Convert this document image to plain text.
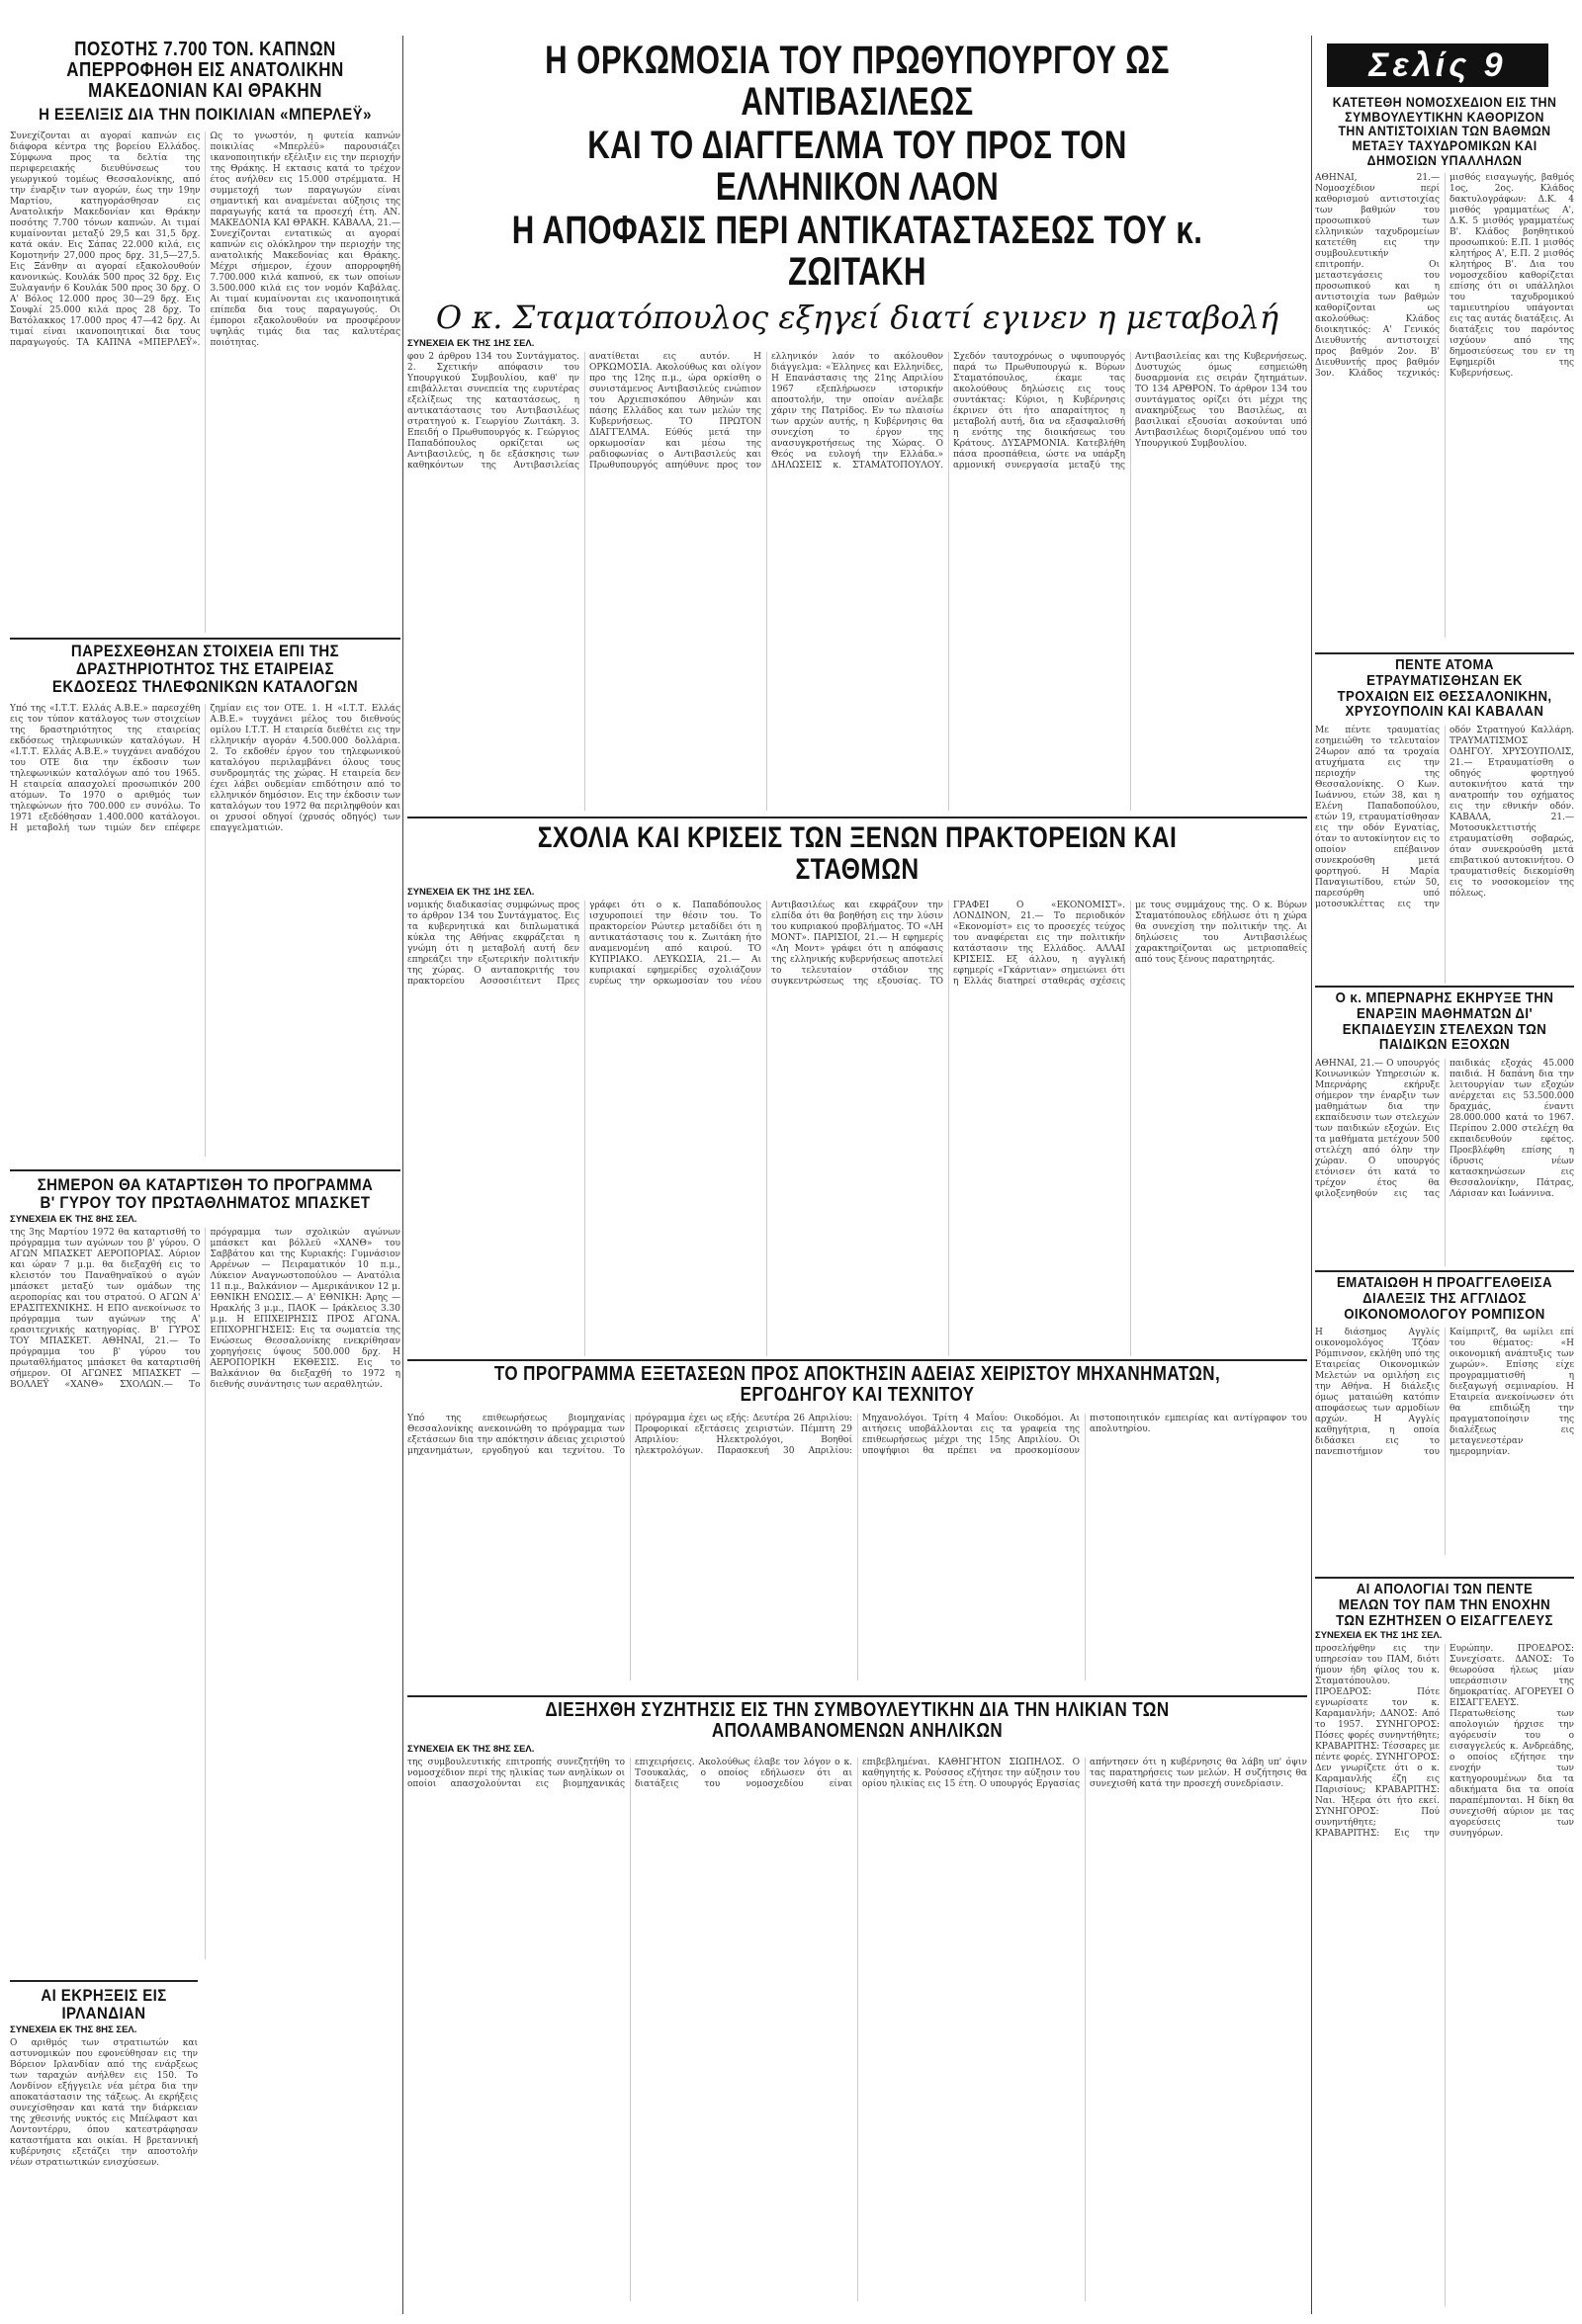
Σελίς 9
ΠΟΣΟΤΗΣ 7.700 ΤΟΝ. ΚΑΠΝΩΝ ΑΠΕΡΡΟΦΗΘΗ ΕΙΣ ΑΝΑΤΟΛΙΚΗΝ ΜΑΚΕΔΟΝΙΑΝ ΚΑΙ ΘΡΑΚΗΝ
Η ΕΞΕΛΙΞΙΣ ΔΙΑ ΤΗΝ ΠΟΙΚΙΛΙΑΝ «ΜΠΕΡΛΕΫ»
Συνεχίζονται αι αγοραί καπνών εις διάφορα κέντρα της βορείου Ελλάδος. Σύμφωνα προς τα δελτία της περιφερειακής διευθύνσεως του γεωργικού τομέως Θεσσαλονίκης, από την έναρξιν των αγορών, έως την 19ην Μαρτίου, κατηγοράσθησαν εις Ανατολικήν Μακεδονίαν και Θράκην ποσότης 7.700 τόνων καπνών. Αι τιμαί κυμαίνονται μεταξύ 29,5 και 31,5 δρχ. κατά οκάν. Εις Σάπας 22.000 κιλά, εις Κομοτηνήν 27,000 προς δρχ. 31,5—27,5. Εις Ξάνθην αι αγοραί εξακολουθούν κανονικώς. Κουλάκ 500 προς 32 δρχ. Εις Ξυλαγανήν 6 Κουλάκ 500 προς 30 δρχ. Ο Α' Βόλος 12.000 προς 30—29 δρχ. Εις Σουφλί 25.000 κιλά προς 28 δρχ. Το Βατόλακκος 17.000 προς 47—42 δρχ. Αι τιμαί είναι ικανοποιητικαί δια τους παραγωγούς. ΤΑ ΚΑΠΝΑ «ΜΠΕΡΛΕΫ». Ως το γνωστόν, η φυτεία καπνών ποικιλίας «Μπερλέϋ» παρουσιάζει ικανοποιητικήν εξέλιξιν εις την περιοχήν της Θράκης. Η εκτασις κατά το τρέχον έτος ανήλθεν εις 15.000 στρέμματα. Η συμμετοχή των παραγωγών είναι σημαντική και αναμένεται αύξησις της παραγωγής κατά τα προσεχή έτη. ΑΝ. ΜΑΚΕΔΟΝΙΑ ΚΑΙ ΘΡΑΚΗ. ΚΑΒΑΛΑ, 21.— Συνεχίζονται εντατικώς αι αγοραί καπνών εις ολόκληρον την περιοχήν της ανατολικής Μακεδονίας και Θράκης. Μέχρι σήμερον, έχουν απορροφηθή 7.700.000 κιλά καπνού, εκ των οποίων 3.500.000 κιλά εις τον νομόν Καβάλας. Αι τιμαί κυμαίνονται εις ικανοποιητικά επίπεδα δια τους παραγωγούς. Οι έμποροι εξακολουθούν να προσφέρουν υψηλάς τιμάς δια τας καλυτέρας ποιότητας.
ΠΑΡΕΣΧΕΘΗΣΑΝ ΣΤΟΙΧΕΙΑ ΕΠΙ ΤΗΣ ΔΡΑΣΤΗΡΙΟΤΗΤΟΣ ΤΗΣ ΕΤΑΙΡΕΙΑΣ ΕΚΔΟΣΕΩΣ ΤΗΛΕΦΩΝΙΚΩΝ ΚΑΤΑΛΟΓΩΝ
Υπό της «Ι.Τ.Τ. Ελλάς Α.Β.Ε.» παρεσχέθη εις τον τύπον κατάλογος των στοιχείων της δραστηριότητος της εταιρείας εκδόσεως τηλεφωνικών καταλόγων. Η «Ι.Τ.Τ. Ελλάς Α.Β.Ε.» τυγχάνει αναδόχου του ΟΤΕ δια την έκδοσιν των τηλεφωνικών καταλόγων από του 1965. Η εταιρεία απασχολεί προσωπικόν 200 ατόμων. Το 1970 ο αριθμός των τηλεφώνων ήτο 700.000 εν συνόλω. Το 1971 εξεδόθησαν 1.400.000 κατάλογοι. Η μεταβολή των τιμών δεν επέφερε ζημίαν εις τον ΟΤΕ. 1. Η «Ι.Τ.Τ. Ελλάς Α.Β.Ε.» τυγχάνει μέλος του διεθνούς ομίλου Ι.Τ.Τ. Η εταιρεία διεθέτει εις την ελληνικήν αγοράν 4.500.000 δολλάρια. 2. Το εκδοθέν έργον του τηλεφωνικού καταλόγου περιλαμβάνει όλους τους συνδρομητάς της χώρας. Η εταιρεία δεν έχει λάβει ουδεμίαν επιδότησιν από το ελληνικόν δημόσιον. Εις την έκδοσιν των καταλόγων του 1972 θα περιληφθούν και οι χρυσοί οδηγοί (χρυσός οδηγός) των επαγγελματιών.
ΣΗΜΕΡΟΝ ΘΑ ΚΑΤΑΡΤΙΣΘΗ ΤΟ ΠΡΟΓΡΑΜΜΑ Β' ΓΥΡΟΥ ΤΟΥ ΠΡΩΤΑΘΛΗΜΑΤΟΣ ΜΠΑΣΚΕΤ
ΣΥΝΕΧΕΙΑ ΕΚ ΤΗΣ 8ΗΣ ΣΕΛ.
της 3ης Μαρτίου 1972 θα καταρτισθή το πρόγραμμα των αγώνων του β' γύρου. Ο ΑΓΩΝ ΜΠΑΣΚΕΤ ΑΕΡΟΠΟΡΙΑΣ. Αύριον και ώραν 7 μ.μ. θα διεξαχθή εις το κλειστόν του Παναθηναϊκού ο αγών μπάσκετ μεταξύ των ομάδων της αεροπορίας και του στρατού. Ο ΑΓΩΝ Α' ΕΡΑΣΙΤΕΧΝΙΚΗΣ. Η ΕΠΟ ανεκοίνωσε το πρόγραμμα των αγώνων της Α' ερασιτεχνικής κατηγορίας. Β' ΓΥΡΟΣ ΤΟΥ ΜΠΑΣΚΕΤ. ΑΘΗΝΑΙ, 21.— Το πρόγραμμα του β' γύρου του πρωταθλήματος μπάσκετ θα καταρτισθή σήμερον. ΟΙ ΑΓΩΝΕΣ ΜΠΑΣΚΕΤ — ΒΟΛΛΕΫ «ΧΑΝΘ» ΣΧΟΛΩΝ.— Το πρόγραμμα των σχολικών αγώνων μπάσκετ και βόλλεϋ «ΧΑΝΘ» του Σαββάτου και της Κυριακής: Γυμνάσιον Αρρένων — Πειραματικόν 10 π.μ., Λύκειον Αναγνωστοπούλου — Ανατόλια 11 π.μ., Βαλκάνιον — Αμερικάνικον 12 μ. ΕΘΝΙΚΗ ΕΝΩΣΙΣ.— Α' ΕΘΝΙΚΗ: Άρης — Ηρακλής 3 μ.μ., ΠΑΟΚ — Ιράκλειος 3.30 μ.μ. Η ΕΠΙΧΕΙΡΗΣΙΣ ΠΡΟΣ ΑΓΩΝΑ. ΕΠΙΧΟΡΗΓΗΣΕΙΣ: Εις τα σωματεία της Ενώσεως Θεσσαλονίκης ενεκρίθησαν χορηγήσεις ύψους 500.000 δρχ. Η ΑΕΡΟΠΟΡΙΚΗ ΕΚΘΕΣΙΣ. Εις το Βαλκάνιον θα διεξαχθή το 1972 η διεθνής συνάντησις των αεραθλητών.
ΑΙ ΕΚΡΗΞΕΙΣ ΕΙΣ ΙΡΛΑΝΔΙΑΝ
ΣΥΝΕΧΕΙΑ ΕΚ ΤΗΣ 8ΗΣ ΣΕΛ.
Ο αριθμός των στρατιωτών και αστυνομικών που εφονεύθησαν εις την Βόρειον Ιρλανδίαν από της ενάρξεως των ταραχών ανήλθεν εις 150. Το Λονδίνον εξήγγειλε νέα μέτρα δια την αποκατάστασιν της τάξεως. Αι εκρήξεις συνεχίσθησαν και κατά την διάρκειαν της χθεσινής νυκτός εις Μπέλφαστ και Λοντοντέρρυ, όπου κατεστράφησαν καταστήματα και οικίαι. Η βρεταννική κυβέρνησις εξετάζει την αποστολήν νέων στρατιωτικών ενισχύσεων.
Η ΟΡΚΩΜΟΣΙΑ ΤΟΥ ΠΡΩΘΥΠΟΥΡΓΟΥ ΩΣ ΑΝΤΙΒΑΣΙΛΕΩΣ
ΚΑΙ ΤΟ ΔΙΑΓΓΕΛΜΑ ΤΟΥ ΠΡΟΣ ΤΟΝ ΕΛΛΗΝΙΚΟΝ ΛΑΟΝ
Η ΑΠΟΦΑΣΙΣ ΠΕΡΙ ΑΝΤΙΚΑΤΑΣΤΑΣΕΩΣ ΤΟΥ κ. ΖΩΙΤΑΚΗ
Ο κ. Σταματόπουλος εξηγεί διατί εγινεν η μεταβολή
ΣΥΝΕΧΕΙΑ ΕΚ ΤΗΣ 1ΗΣ ΣΕΛ.
φου 2 άρθρου 134 του Συντάγματος. 2. Σχετικήν απόφασιν του Υπουργικού Συμβουλίου, καθ' ην επιβάλλεται συνεπεία της ευρυτέρας εξελίξεως της καταστάσεως, η αντικατάστασις του Αντιβασιλέως στρατηγού κ. Γεωργίου Ζωιτάκη. 3. Επειδή ο Πρωθυπουργός κ. Γεώργιος Παπαδόπουλος ορκίζεται ως Αντιβασιλεύς, η δε εξάσκησις των καθηκόντων της Αντιβασιλείας ανατίθεται εις αυτόν. Η ΟΡΚΩΜΟΣΙΑ. Ακολούθως και ολίγον προ της 12ης π.μ., ώρα ορκίσθη ο συνιστάμενος Αντιβασιλεύς ενώπιον του Αρχιεπισκόπου Αθηνών και πάσης Ελλάδος και των μελών της Κυβερνήσεως. ΤΟ ΠΡΩΤΟΝ ΔΙΑΓΓΕΛΜΑ. Εύθύς μετά την ορκωμοσίαν και μέσω της ραδιοφωνίας ο Αντιβασιλεύς και Πρωθυπουργός απηύθυνε προς τον ελληνικόν λαόν το ακόλουθον διάγγελμα: «Έλληνες και Ελληνίδες, Η Επανάστασις της 21ης Απριλίου 1967 εξεπλήρωσεν ιστορικήν αποστολήν, την οποίαν ανέλαβε χάριν της Πατρίδος. Εν τω πλαισίω των αρχών αυτής, η Κυβέρνησις θα συνεχίση το έργον της ανασυγκροτήσεως της Χώρας. Ο Θεός να ευλογή την Ελλάδα.» ΔΗΛΩΣΕΙΣ κ. ΣΤΑΜΑΤΟΠΟΥΛΟΥ. Σχεδόν ταυτοχρόνως ο υφυπουργός παρά τω Πρωθυπουργώ κ. Βύρων Σταματόπουλος, έκαμε τας ακολούθους δηλώσεις εις τους συντάκτας: Κύριοι, η Κυβέρνησις έκρινεν ότι ήτο απαραίτητος η μεταβολή αυτή, δια να εξασφαλισθή η ενότης της διοικήσεως του Κράτους. ΔΥΣΑΡΜΟΝΙΑ. Κατεβλήθη πάσα προσπάθεια, ώστε να υπάρξη αρμονική συνεργασία μεταξύ της Αντιβασιλείας και της Κυβερνήσεως. Δυστυχώς όμως εσημειώθη δυσαρμονία εις σειράν ζητημάτων. ΤΟ 134 ΑΡΘΡΟΝ. Το άρθρον 134 του συντάγματος ορίζει ότι μέχρι της ανακηρύξεως του Βασιλέως, αι βασιλικαί εξουσίαι ασκούνται υπό Αντιβασιλέως διοριζομένου υπό του Υπουργικού Συμβουλίου.
ΣΧΟΛΙΑ ΚΑΙ ΚΡΙΣΕΙΣ ΤΩΝ ΞΕΝΩΝ ΠΡΑΚΤΟΡΕΙΩΝ ΚΑΙ ΣΤΑΘΜΩΝ
ΣΥΝΕΧΕΙΑ ΕΚ ΤΗΣ 1ΗΣ ΣΕΛ.
νομικής διαδικασίας συμφώνως προς το άρθρον 134 του Συντάγματος. Εις τα κυβερνητικά και διπλωματικά κύκλα της Αθήνας εκφράζεται η γνώμη ότι η μεταβολή αυτή δεν επηρεάζει την εξωτερικήν πολιτικήν της χώρας. Ο ανταποκριτής του πρακτορείου Ασσοσιέιτεντ Πρες γράφει ότι ο κ. Παπαδόπουλος ισχυροποιεί την θέσιν του. Το πρακτορείον Ρώυτερ μεταδίδει ότι η αντικατάστασις του κ. Ζωιτάκη ήτο αναμενομένη από καιρού. ΤΟ ΚΥΠΡΙΑΚΟ. ΛΕΥΚΩΣΙΑ, 21.— Αι κυπριακαί εφημερίδες σχολιάζουν ευρέως την ορκωμοσίαν του νέου Αντιβασιλέως και εκφράζουν την ελπίδα ότι θα βοηθήση εις την λύσιν του κυπριακού προβλήματος. ΤΟ «ΛΗ ΜΟΝΤ». ΠΑΡΙΣΙΟΙ, 21.— Η εφημερίς «Λη Μοντ» γράφει ότι η απόφασις της ελληνικής κυβερνήσεως αποτελεί το τελευταίον στάδιον της συγκεντρώσεως της εξουσίας. ΤΟ ΓΡΑΦΕΙ Ο «ΕΚΟΝΟΜΙΣΤ». ΛΟΝΔΙΝΟΝ, 21.— Το περιοδικόν «Εκονομίστ» εις το προσεχές τεύχος του αναφέρεται εις την πολιτικήν κατάστασιν της Ελλάδος. ΑΛΛΑΙ ΚΡΙΣΕΙΣ. Εξ άλλου, η αγγλική εφημερίς «Γκάρντιαν» σημειώνει ότι η Ελλάς διατηρεί σταθεράς σχέσεις με τους συμμάχους της. Ο κ. Βύρων Σταματόπουλος εδήλωσε ότι η χώρα θα συνεχίση την πολιτικήν της. Αι δηλώσεις του Αντιβασιλέως χαρακτηρίζονται ως μετριοπαθείς από τους ξένους παρατηρητάς.
ΤΟ ΠΡΟΓΡΑΜΜΑ ΕΞΕΤΑΣΕΩΝ ΠΡΟΣ ΑΠΟΚΤΗΣΙΝ ΑΔΕΙΑΣ ΧΕΙΡΙΣΤΟΥ ΜΗΧΑΝΗΜΑΤΩΝ, ΕΡΓΟΔΗΓΟΥ ΚΑΙ ΤΕΧΝΙΤΟΥ
Υπό της επιθεωρήσεως βιομηχανίας Θεσσαλονίκης ανεκοινώθη το πρόγραμμα των εξετάσεων δια την απόκτησιν άδειας χειριστού μηχανημάτων, εργοδηγού και τεχνίτου. Το πρόγραμμα έχει ως εξής: Δευτέρα 26 Απριλίου: Προφορικαί εξετάσεις χειριστών. Πέμπτη 29 Απριλίου: Ηλεκτρολόγοι, Βοηθοί ηλεκτρολόγων. Παρασκευή 30 Απριλίου: Μηχανολόγοι. Τρίτη 4 Μαΐου: Οικοδόμοι. Αι αιτήσεις υποβάλλονται εις τα γραφεία της επιθεωρήσεως μέχρι της 15ης Απριλίου. Οι υποψήφιοι θα πρέπει να προσκομίσουν πιστοποιητικόν εμπειρίας και αντίγραφον του απολυτηρίου.
ΔΙΕΞΗΧΘΗ ΣΥΖΗΤΗΣΙΣ ΕΙΣ ΤΗΝ ΣΥΜΒΟΥΛΕΥΤΙΚΗΝ ΔΙΑ ΤΗΝ ΗΛΙΚΙΑΝ ΤΩΝ ΑΠΟΛΑΜΒΑΝΟΜΕΝΩΝ ΑΝΗΛΙΚΩΝ
ΣΥΝΕΧΕΙΑ ΕΚ ΤΗΣ 8ΗΣ ΣΕΛ.
της συμβουλευτικής επιτροπής συνεζητήθη το νομοσχέδιον περί της ηλικίας των ανηλίκων οι οποίοι απασχολούνται εις βιομηχανικάς επιχειρήσεις. Ακολούθως έλαβε τον λόγον ο κ. Τσουκαλάς, ο οποίος εδήλωσεν ότι αι διατάξεις του νομοσχεδίου είναι επιβεβλημέναι. ΚΑΘΗΓΗΤΟΝ ΣΙΩΠΗΛΟΣ. Ο καθηγητής κ. Ρούσσος εζήτησε την αύξησιν του ορίου ηλικίας εις 15 έτη. Ο υπουργός Εργασίας απήντησεν ότι η κυβέρνησις θα λάβη υπ' όψιν τας παρατηρήσεις των μελών. Η συζήτησις θα συνεχισθή κατά την προσεχή συνεδρίασιν.
ΚΑΤΕΤΕΘΗ ΝΟΜΟΣΧΕΔΙΟΝ ΕΙΣ ΤΗΝ ΣΥΜΒΟΥΛΕΥΤΙΚΗΝ ΚΑΘΟΡΙΖΟΝ ΤΗΝ ΑΝΤΙΣΤΟΙΧΙΑΝ ΤΩΝ ΒΑΘΜΩΝ ΜΕΤΑΞΥ ΤΑΧΥΔΡΟΜΙΚΩΝ ΚΑΙ ΔΗΜΟΣΙΩΝ ΥΠΑΛΛΗΛΩΝ
ΑΘΗΝΑΙ, 21.— Νομοσχέδιον περί καθορισμού αντιστοιχίας των βαθμών του προσωπικού των ελληνικών ταχυδρομείων κατετέθη εις την συμβουλευτικήν επιτροπήν. Οι μεταστεγάσεις του προσωπικού και η αντιστοιχία των βαθμών καθορίζονται ως ακολούθως: Κλάδος διοικητικός: Α' Γενικός Διευθυντής αντιστοιχεί προς βαθμόν 2ον. Β' Διευθυντής προς βαθμόν 3ον. Κλάδος τεχνικός: μισθός εισαγωγής, βαθμός 1ος, 2ος. Κλάδος δακτυλογράφων: Δ.Κ. 4 μισθός γραμματέως Α', Δ.Κ. 5 μισθός γραμματέως Β'. Κλάδος βοηθητικού προσωπικού: Ε.Π. 1 μισθός κλητήρος Α', Ε.Π. 2 μισθός κλητήρος Β'. Δια του νομοσχεδίου καθορίζεται επίσης ότι οι υπάλληλοι του ταχυδρομικού ταμιευτηρίου υπάγονται εις τας αυτάς διατάξεις. Αι διατάξεις του παρόντος ισχύουν από της δημοσιεύσεως του εν τη Εφημερίδι της Κυβερνήσεως.
ΠΕΝΤΕ ΑΤΟΜΑ ΕΤΡΑΥΜΑΤΙΣΘΗΣΑΝ ΕΚ ΤΡΟΧΑΙΩΝ ΕΙΣ ΘΕΣΣΑΛΟΝΙΚΗΝ, ΧΡΥΣΟΥΠΟΛΙΝ ΚΑΙ ΚΑΒΑΛΑΝ
Με πέντε τραυματίας εσημειώθη το τελευταίον 24ωρον από τα τροχαία ατυχήματα εις την περιοχήν της Θεσσαλονίκης. Ο Κων. Ιωάννου, ετών 38, και η Ελένη Παπαδοπούλου, ετών 19, ετραυματίσθησαν εις την οδόν Εγνατίας, όταν το αυτοκίνητον εις το οποίον επέβαινον συνεκρούσθη μετά φορτηγού. Η Μαρία Παναγιωτίδου, ετών 50, παρεσύρθη υπό μοτοσυκλέττας εις την οδόν Στρατηγού Καλλάρη. ΤΡΑΥΜΑΤΙΣΜΟΣ ΟΔΗΓΟΥ. ΧΡΥΣΟΥΠΟΛΙΣ, 21.— Ετραυματίσθη ο οδηγός φορτηγού αυτοκινήτου κατά την ανατροπήν του οχήματος εις την εθνικήν οδόν. ΚΑΒΑΛΑ, 21.— Μοτοσυκλεττιστής ετραυματίσθη σοβαρώς, όταν συνεκρούσθη μετά επιβατικού αυτοκινήτου. Ο τραυματισθείς διεκομίσθη εις το νοσοκομείον της πόλεως.
Ο κ. ΜΠΕΡΝΑΡΗΣ ΕΚΗΡΥΞΕ ΤΗΝ ΕΝΑΡΞΙΝ ΜΑΘΗΜΑΤΩΝ ΔΙ' ΕΚΠΑΙΔΕΥΣΙΝ ΣΤΕΛΕΧΩΝ ΤΩΝ ΠΑΙΔΙΚΩΝ ΕΞΟΧΩΝ
ΑΘΗΝΑΙ, 21.— Ο υπουργός Κοινωνικών Υπηρεσιών κ. Μπερνάρης εκήρυξε σήμερον την έναρξιν των μαθημάτων δια την εκπαίδευσιν των στελεχών των παιδικών εξοχών. Εις τα μαθήματα μετέχουν 500 στελέχη από όλην την χώραν. Ο υπουργός ετόνισεν ότι κατά το τρέχον έτος θα φιλοξενηθούν εις τας παιδικάς εξοχάς 45.000 παιδιά. Η δαπάνη δια την λειτουργίαν των εξοχών ανέρχεται εις 53.500.000 δραχμάς, έναντι 28.000.000 κατά το 1967. Περίπου 2.000 στελέχη θα εκπαιδευθούν εφέτος. Προεβλέφθη επίσης η ίδρυσις νέων κατασκηνώσεων εις Θεσσαλονίκην, Πάτρας, Λάρισαν και Ιωάννινα.
ΕΜΑΤΑΙΩΘΗ Η ΠΡΟΑΓΓΕΛΘΕΙΣΑ ΔΙΑΛΕΞΙΣ ΤΗΣ ΑΓΓΛΙΔΟΣ ΟΙΚΟΝΟΜΟΛΟΓΟΥ ΡΟΜΠΙΣΟΝ
Η διάσημος Αγγλίς οικονομολόγος Τζόαν Ρόμπινσον, εκλήθη υπό της Εταιρείας Οικονομικών Μελετών να ομιλήση εις την Αθήνα. Η διάλεξις όμως ματαιώθη κατόπιν αποφάσεως των αρμοδίων αρχών. Η Αγγλίς καθηγήτρια, η οποία διδάσκει εις το πανεπιστήμιον του Καίμπριτζ, θα ωμίλει επί του θέματος: «Η οικονομική ανάπτυξις των χωρών». Επίσης είχε προγραμματισθή η διεξαγωγή σεμιναρίου. Η Εταιρεία ανεκοίνωσεν ότι θα επιδιώξη την πραγματοποίησιν της διαλέξεως εις μεταγενεστέραν ημερομηνίαν.
ΑΙ ΑΠΟΛΟΓΙΑΙ ΤΩΝ ΠΕΝΤΕ ΜΕΛΩΝ ΤΟΥ ΠΑΜ ΤΗΝ ΕΝΟΧΗΝ ΤΩΝ ΕΖΗΤΗΣΕΝ Ο ΕΙΣΑΓΓΕΛΕΥΣ
ΣΥΝΕΧΕΙΑ ΕΚ ΤΗΣ 1ΗΣ ΣΕΛ.
προσελήφθην εις την υπηρεσίαν του ΠΑΜ, διότι ήμουν ήδη φίλος του κ. Σταματόπουλου. ΠΡΟΕΔΡΟΣ: Πότε εγνωρίσατε τον κ. Καραμανλήν; ΔΑΝΟΣ: Από το 1957. ΣΥΝΗΓΟΡΟΣ: Πόσες φορές συνηντήθητε; ΚΡΑΒΑΡΙΤΗΣ: Τέσσαρες με πέντε φορές. ΣΥΝΗΓΟΡΟΣ: Δεν γνωρίζετε ότι ο κ. Καραμανλής έζη εις Παρισίους; ΚΡΑΒΑΡΙΤΗΣ: Ναι. Ήξερα ότι ήτο εκεί. ΣΥΝΗΓΟΡΟΣ: Πού συνηντήθητε; ΚΡΑΒΑΡΙΤΗΣ: Εις την Ευρώπην. ΠΡΟΕΔΡΟΣ: Συνεχίσατε. ΔΑΝΟΣ: Το θεωρούσα ήλεως μίαν υπεράσπισιν της δημοκρατίας. ΑΓΟΡΕΥΕΙ Ο ΕΙΣΑΓΓΕΛΕΥΣ. Περατωθείσης των απολογιών ήρχισε την αγόρευσίν του ο εισαγγελεύς κ. Ανδρεάδης, ο οποίος εζήτησε την ενοχήν των κατηγορουμένων δια τα αδικήματα δια τα οποία παραπέμπονται. Η δίκη θα συνεχισθή αύριον με τας αγορεύσεις των συνηγόρων.
